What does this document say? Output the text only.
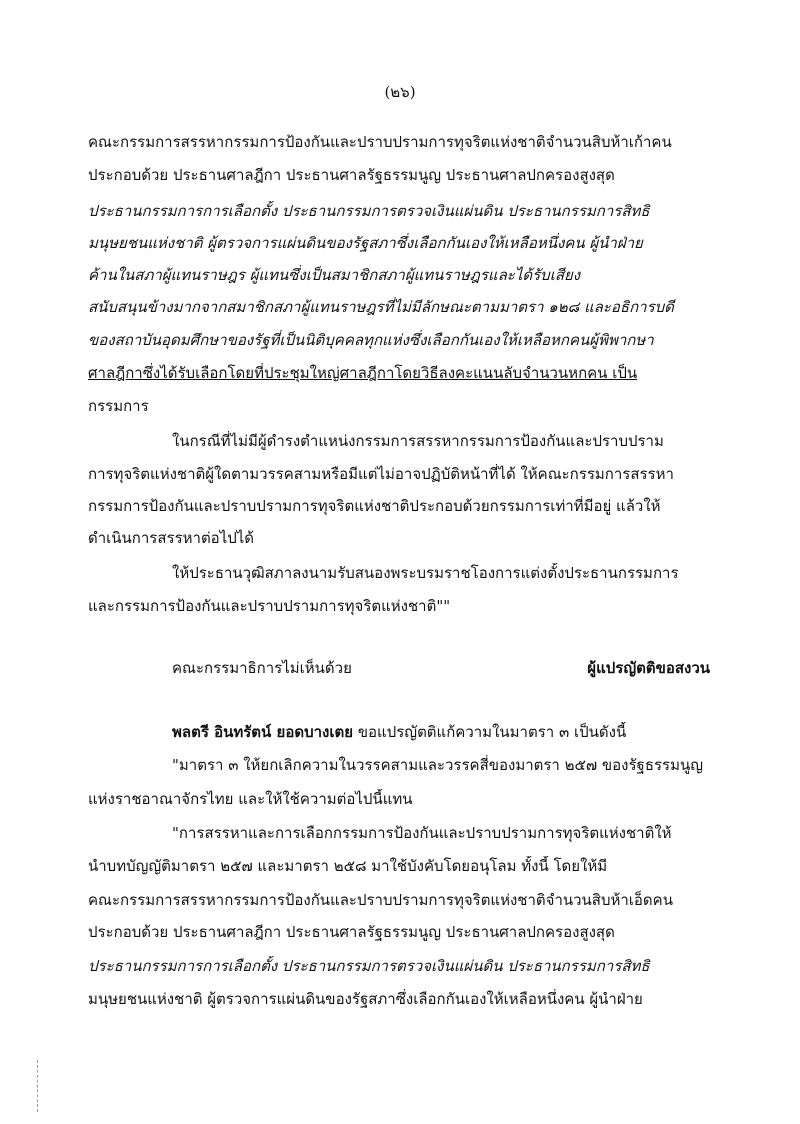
(๒๖)
คณะกรรมการสรรหากรรมการป้องกันและปราบปรามการทุจริตแห่งชาติจำนวนสิบห้าเก้าคน
ประกอบด้วย ประธานศาลฎีกา ประธานศาลรัฐธรรมนูญ ประธานศาลปกครองสูงสุด
ประธานกรรมการการเลือกตั้ง ประธานกรรมการตรวจเงินแผ่นดิน ประธานกรรมการสิทธิ
มนุษยชนแห่งชาติ ผู้ตรวจการแผ่นดินของรัฐสภาซึ่งเลือกกันเองให้เหลือหนึ่งคน ผู้นำฝ่าย
ค้านในสภาผู้แทนราษฎร ผู้แทนซึ่งเป็นสมาชิกสภาผู้แทนราษฎรและได้รับเสียง
สนับสนุนข้างมากจากสมาชิกสภาผู้แทนราษฎรที่ไม่มีลักษณะตามมาตรา ๑๒๘ และอธิการบดี
ของสถาบันอุดมศึกษาของรัฐที่เป็นนิติบุคคลทุกแห่งซึ่งเลือกกันเองให้เหลือหกคนผู้พิพากษา
ศาลฎีกาซึ่งได้รับเลือกโดยที่ประชุมใหญ่ศาลฎีกาโดยวิธีลงคะแนนลับจำนวนหกคน เป็น
กรรมการ
ในกรณีที่ไม่มีผู้ดำรงตำแหน่งกรรมการสรรหากรรมการป้องกันและปราบปราม
การทุจริตแห่งชาติผู้ใดตามวรรคสามหรือมีแต่ไม่อาจปฏิบัติหน้าที่ได้ ให้คณะกรรมการสรรหา
กรรมการป้องกันและปราบปรามการทุจริตแห่งชาติประกอบด้วยกรรมการเท่าที่มีอยู่ แล้วให้
ดำเนินการสรรหาต่อไปได้
ให้ประธานวุฒิสภาลงนามรับสนองพระบรมราชโองการแต่งตั้งประธานกรรมการ
และกรรมการป้องกันและปราบปรามการทุจริตแห่งชาติ""
คณะกรรมาธิการไม่เห็นด้วย	ผู้แปรญัตติขอสงวน
พลตรี อินทรัตน์ ยอดบางเตย ขอแปรญัตติแก้ความในมาตรา ๓ เป็นดังนี้
"มาตรา ๓ ให้ยกเลิกความในวรรคสามและวรรคสี่ของมาตรา ๒๕๗ ของรัฐธรรมนูญ
แห่งราชอาณาจักรไทย และให้ใช้ความต่อไปนี้แทน
"การสรรหาและการเลือกกรรมการป้องกันและปราบปรามการทุจริตแห่งชาติให้
นำบทบัญญัติมาตรา ๒๕๗ และมาตรา ๒๕๘ มาใช้บังคับโดยอนุโลม ทั้งนี้ โดยให้มี
คณะกรรมการสรรหากรรมการป้องกันและปราบปรามการทุจริตแห่งชาติจำนวนสิบห้าเอ็ดคน
ประกอบด้วย ประธานศาลฎีกา ประธานศาลรัฐธรรมนูญ ประธานศาลปกครองสูงสุด
ประธานกรรมการการเลือกตั้ง ประธานกรรมการตรวจเงินแผ่นดิน ประธานกรรมการสิทธิ
มนุษยชนแห่งชาติ ผู้ตรวจการแผ่นดินของรัฐสภาซึ่งเลือกกันเองให้เหลือหนึ่งคน ผู้นำฝ่าย
